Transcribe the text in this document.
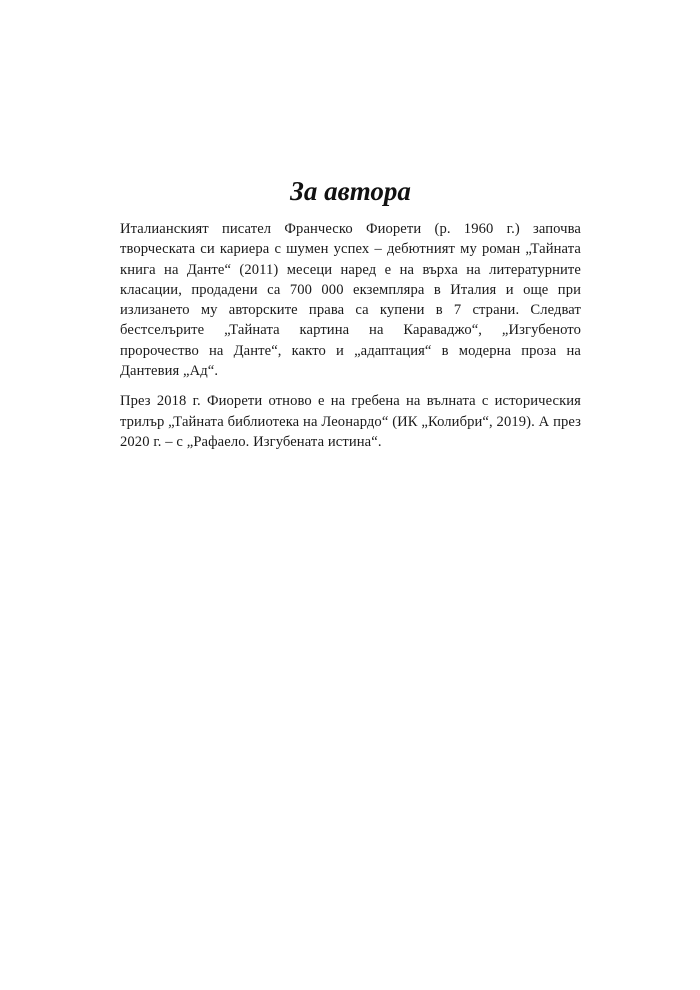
За автора

Италианският писател Франческо Фиорети (р. 1960 г.) започва творческата си кариера с шумен успех – дебютният му роман „Тайната книга на Данте“ (2011) месеци наред е на върха на литературните класации, продадени са 700 000 екземпляра в Италия и още при излизането му авторските права са купени в 7 страни. Следват бестселърите „Тайната картина на Караваджо“, „Изгубеното пророчество на Данте“, както и „адаптация“ в модерна проза на Дантевия „Ад“.

През 2018 г. Фиорети отново е на гребена на вълната с историческия трилър „Тайната библиотека на Леонардо“ (ИК „Колибри“, 2019). А през 2020 г. – с „Рафаело. Изгубената истина“.
